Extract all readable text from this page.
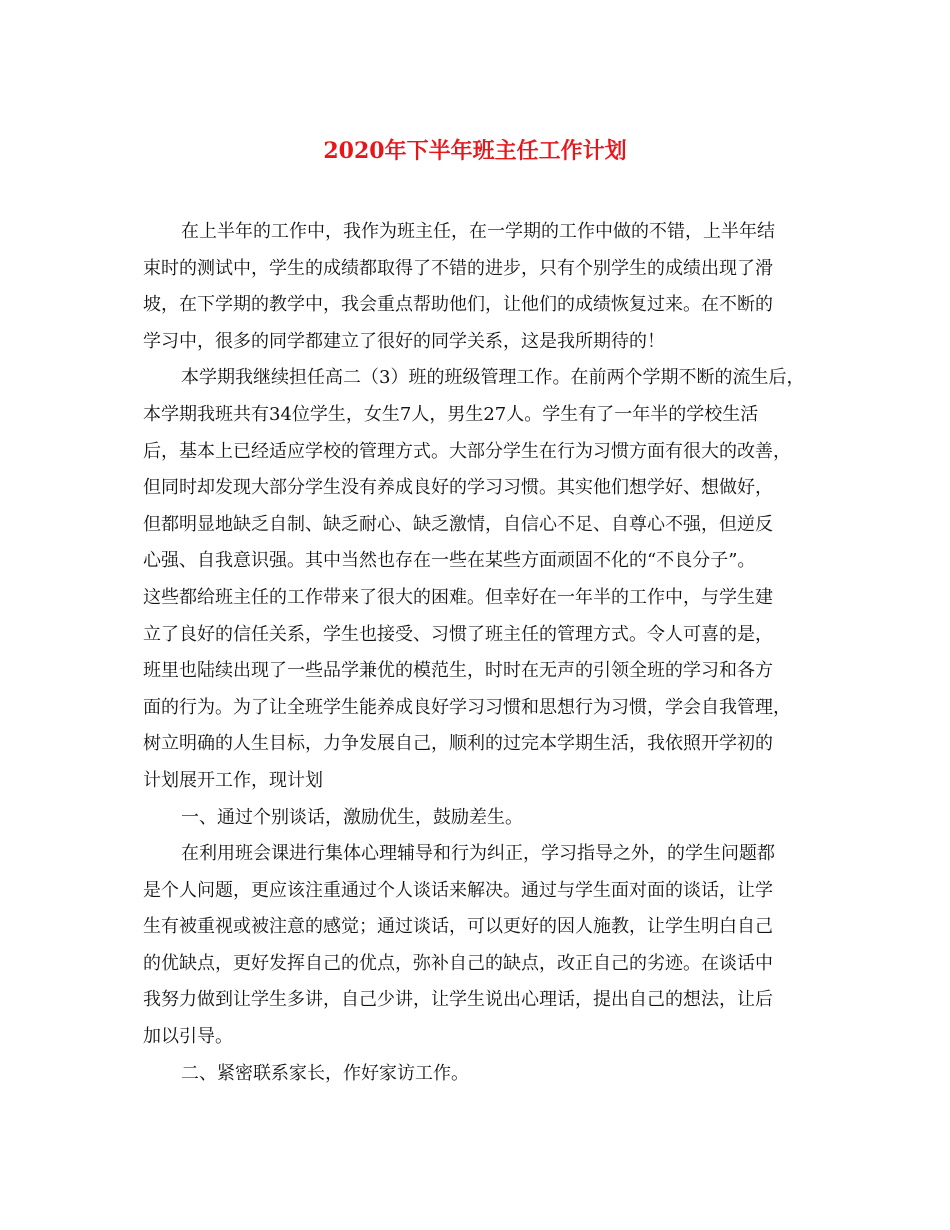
2020年下半年班主任工作计划
在上半年的工作中，我作为班主任，在一学期的工作中做的不错，上半年结
束时的测试中，学生的成绩都取得了不错的进步，只有个别学生的成绩出现了滑
坡，在下学期的教学中，我会重点帮助他们，让他们的成绩恢复过来。在不断的
学习中，很多的同学都建立了很好的同学关系，这是我所期待的！
本学期我继续担任高二（3）班的班级管理工作。在前两个学期不断的流生后，
本学期我班共有34位学生，女生7人，男生27人。学生有了一年半的学校生活
后，基本上已经适应学校的管理方式。大部分学生在行为习惯方面有很大的改善，
但同时却发现大部分学生没有养成良好的学习习惯。其实他们想学好、想做好，
但都明显地缺乏自制、缺乏耐心、缺乏激情，自信心不足、自尊心不强，但逆反
心强、自我意识强。其中当然也存在一些在某些方面顽固不化的“不良分子”。
这些都给班主任的工作带来了很大的困难。但幸好在一年半的工作中，与学生建
立了良好的信任关系，学生也接受、习惯了班主任的管理方式。令人可喜的是，
班里也陆续出现了一些品学兼优的模范生，时时在无声的引领全班的学习和各方
面的行为。为了让全班学生能养成良好学习习惯和思想行为习惯，学会自我管理，
树立明确的人生目标，力争发展自己，顺利的过完本学期生活，我依照开学初的
计划展开工作，现计划
一、通过个别谈话，激励优生，鼓励差生。
在利用班会课进行集体心理辅导和行为纠正，学习指导之外，的学生问题都
是个人问题，更应该注重通过个人谈话来解决。通过与学生面对面的谈话，让学
生有被重视或被注意的感觉；通过谈话，可以更好的因人施教，让学生明白自己
的优缺点，更好发挥自己的优点，弥补自己的缺点，改正自己的劣迹。在谈话中
我努力做到让学生多讲，自己少讲，让学生说出心理话，提出自己的想法，让后
加以引导。
二、紧密联系家长，作好家访工作。
